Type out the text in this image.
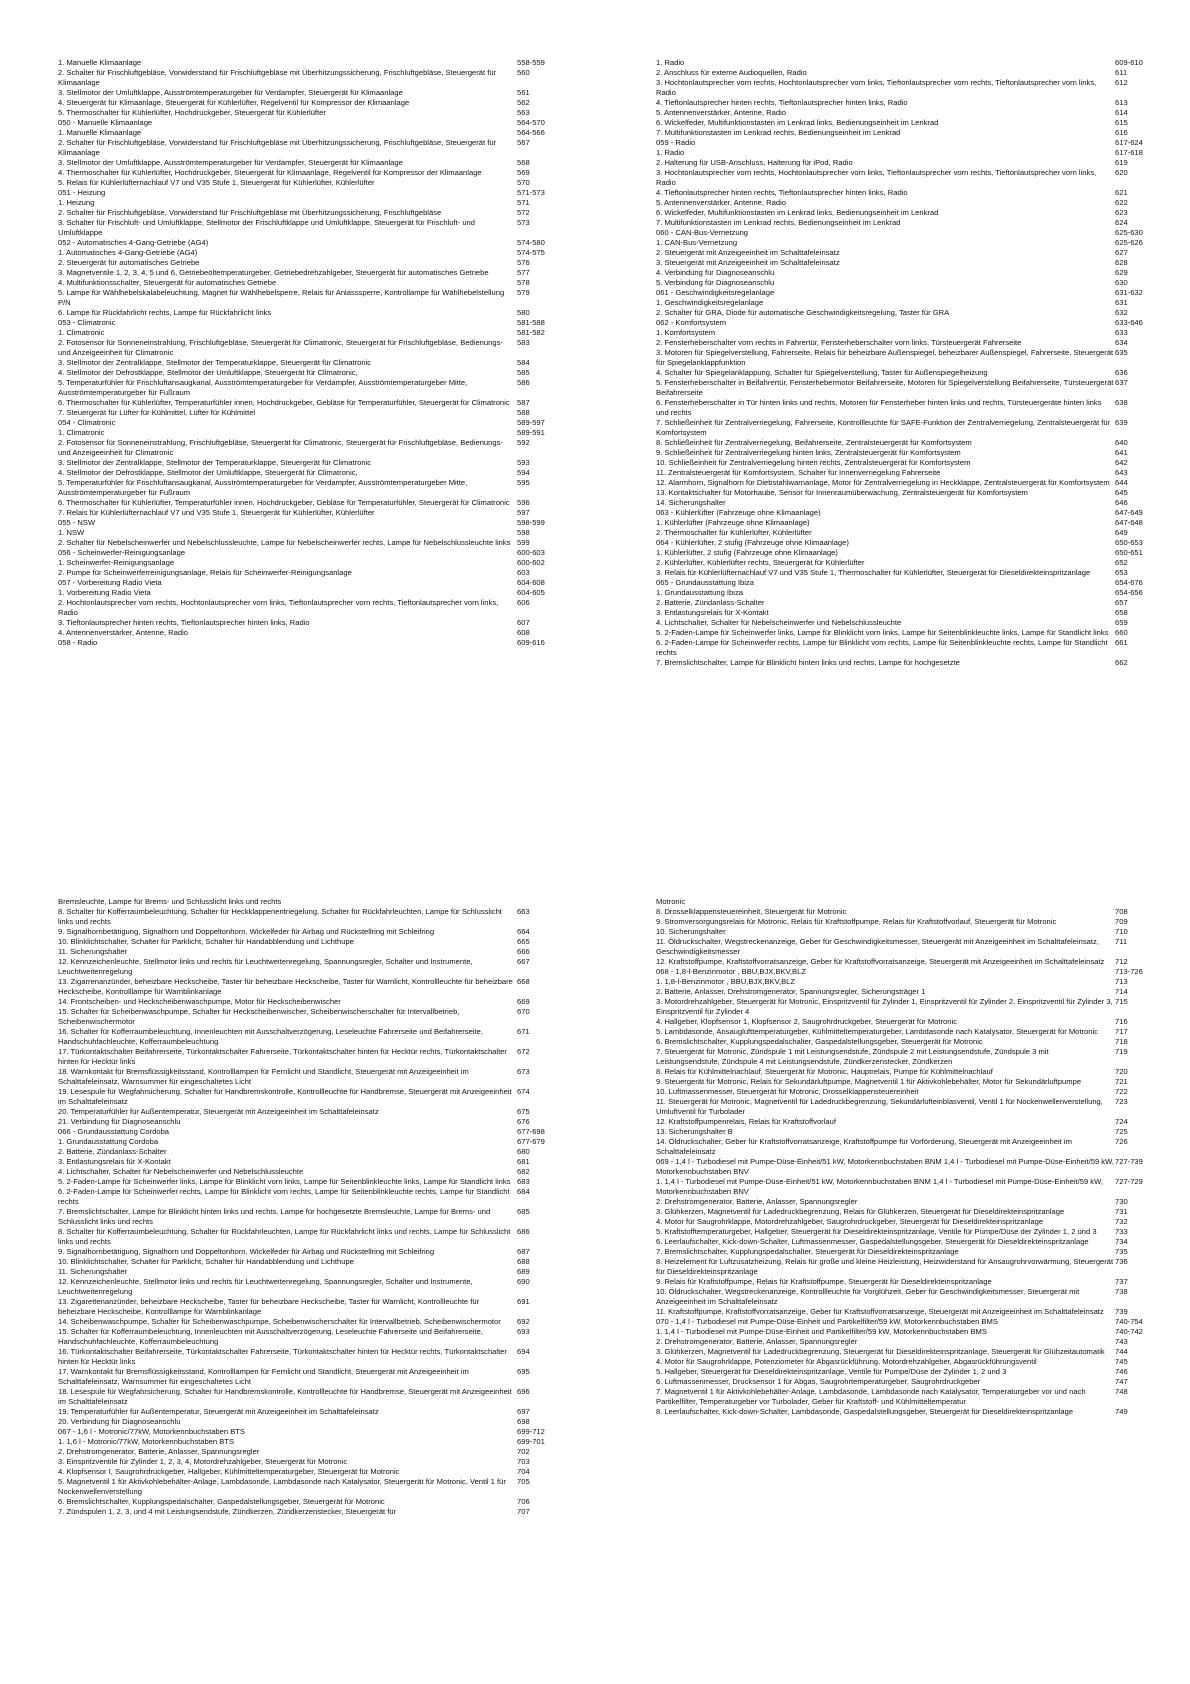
1. Manuelle Klimaanlage	558-559
2. Schalter für Frischluftgebläse, Vorwiderstand für Frischluftgebläse mit Überhitzungssicherung, Frischluftgebläse, Steuergerät für Klimaanlage
560
3. Stellmotor der Umluftklappe, Ausströmtemperaturgeber für Verdampfer, Steuergerät für Klimaanlage	561
4. Steuergerät für Klimaanlage, Steuergerät für Kühlerlüfter, Regelventil für Kompressor der Klimaanlage	562
5. Thermoschalter für Kühlerlüfter, Hochdruckgeber, Steuergerät für Kühlerlüfter	563
050 - Manuelle Klimaanlage	564-570
1. Manuelle Klimaanlage	564-566
2. Schalter für Frischluftgebläse, Vorwiderstand für Frischluftgebläse mit Überhitzungssicherung, Frischluftgebläse, Steuergerät für Klimaanlage
567
3. Stellmotor der Umluftklappe, Ausströmtemperaturgeber für Verdampfer, Steuergerät für Klimaanlage	568
4. Thermoschalter für Kühlerlüfter, Hochdruckgeber, Steuergerät für Klimaanlage, Regelventil für Kompressor der Klimaanlage	569
5. Relais für Kühlerlüfternachlauf V7 und V35 Stufe 1, Steuergerät für Kühlerlüfter, Kühlerlüfter	570
051 - Heizung	571-573
1. Heizung	571
2. Schalter für Frischluftgebläse, Vorwiderstand für Frischluftgebläse mit Überhitzungssicherung, Frischluftgebläse	572
3. Schalter für Frischluft- und Umluftklappe, Stellmotor der Frischluftklappe und Umluftklappe, Steuergerät für Frischluft- und Umluftklappe
573
052 - Automatisches 4-Gang-Getriebe (AG4)	574-580
1. Automatisches 4-Gang-Getriebe (AG4)	574-575
2. Steuergerät für automatisches Getriebe	576
3. Magnetventile 1, 2, 3, 4, 5 und 6, Getriebeöltemperaturgeber, Getriebedrehzahlgeber, Steuergerät für automatisches Getriebe	577
4. Multifunktionsschalter, Steuergerät für automatisches Getriebe	578
5. Lampe für Wählhebelskalabeleuchtung, Magnet für Wählhebelsperre, Relais für Anlasssperre, Kontrollampe für Wählhebelstellung P/N
579
6. Lampe für Rückfahrlicht rechts, Lampe für Rückfahrlicht links	580
053 - Climatronic	581-588
1. Climatronic	581-582
2. Fotosensor für Sonneneinstrahlung, Frischluftgebläse, Steuergerät für Climatronic, Steuergerät für Frischluftgebläse, Bedienungs- und Anzeigeeinheit für Climatronic
583
3. Stellmotor der Zentralklappe, Stellmotor der Temperaturklappe, Steuergerät für Climatronic	584
4. Stellmotor der Defrostklappe, Stellmotor der Umluftklappe, Steuergerät für Climatronic,	585
5. Temperaturfühler für Frischluftansaugkanal, Ausströmtemperaturgeber für Verdampfer, Ausströmtemperaturgeber Mitte, Ausströmtemperaturgeber für Fußraum
586
6. Thermoschalter für Kühlerlüfter, Temperaturfühler innen, Hochdruckgeber, Gebläse für Temperaturfühler, Steuergerät für Climatronic 587
7. Steuergerät für Lüfter für Kühlmittel, Lüfter für Kühlmittel	588
054 - Climatronic	589-597
1. Climatronic	589-591
2. Fotosensor für Sonneneinstrahlung, Frischluftgebläse, Steuergerät für Climatronic, Steuergerät für Frischluftgebläse, Bedienungs- und Anzeigeeinheit für Climatronic
592
3. Stellmotor der Zentralklappe, Stellmotor der Temperaturklappe, Steuergerät für Climatronic	593
4. Stellmotor der Defrostklappe, Stellmotor der Umluftklappe, Steuergerät für Climatronic,	594
5. Temperaturfühler für Frischluftansaugkanal, Ausströmtemperaturgeber für Verdampfer, Ausströmtemperaturgeber Mitte, Ausströmtemperaturgeber für Fußraum
595
6. Thermoschalter für Kühlerlüfter, Temperaturfühler innen, Hochdruckgeber, Gebläse für Temperaturfühler, Steuergerät für Climatronic 596
7. Relais für Kühlerlüfternachlauf V7 und V35 Stufe 1, Steuergerät für Kühlerlüfter, Kühlerlüfter	597
055 - NSW	598-599
1. NSW	598
2. Schalter für Nebelscheinwerfer und Nebelschlussleuchte, Lampe für Nebelscheinwerfer rechts, Lampe für Nebelschlussleuchte links 599
056 - Scheinwerfer-Reinigungsanlage	600-603
1. Scheinwerfer-Reinigungsanlage	600-602
2. Pumpe für Scheinwerferreinigungsanlage, Relais für Scheinwerfer-Reinigungsanlage	603
057 - Vorbereitung Radio Vieta	604-608
1. Vorbereitung Radio Vieta	604-605
2. Hochtonlautsprecher vorn rechts, Hochtonlautsprecher vorn links, Tieftonlautsprecher vorn rechts, Tieftonlautsprecher vorn links, Radio
606
3. Tieftonlautsprecher hinten rechts, Tieftonlautsprecher hinten links, Radio	607
4. Antennenverstärker, Antenne, Radio	608
058 - Radio	609-616
1. Radio	609-610
2. Anschluss für externe Audioquellen, Radio	611
3. Hochtonlautsprecher vorn rechts, Hochtonlautsprecher vorn links, Tieftonlautsprecher vorn rechts, Tieftonlautsprecher vorn links, Radio
612
4. Tieftonlautsprecher hinten rechts, Tieftonlautsprecher hinten links, Radio	613
5. Antennenverstärker, Antenne, Radio	614
6. Wickelfeder, Multifunktionstasten im Lenkrad links, Bedienungseinheit im Lenkrad	615
7. Multifunktionstasten im Lenkrad rechts, Bedienungseinheit im Lenkrad	616
059 - Radio	617-624
1. Radio	617-618
2. Halterung für USB-Anschluss, Halterung für iPod, Radio	619
3. Hochtonlautsprecher vorn rechts, Hochtonlautsprecher vorn links, Tieftonlautsprecher vorn rechts, Tieftonlautsprecher vorn links, Radio
620
4. Tieftonlautsprecher hinten rechts, Tieftonlautsprecher hinten links, Radio	621
5. Antennenverstärker, Antenne, Radio	622
6. Wickelfeder, Multifunktionstasten im Lenkrad links, Bedienungseinheit im Lenkrad	623
7. Multifunktionstasten im Lenkrad rechts, Bedienungseinheit im Lenkrad	624
060 - CAN-Bus-Vernetzung	625-630
1. CAN-Bus-Vernetzung	625-626
2. Steuergerät mit Anzeigeeinheit im Schalttafeleinsatz	627
3. Steuergerät mit Anzeigeeinheit im Schalttafeleinsatz	628
4. Verbindung für Diagnoseanschlu	629
5. Verbindung für Diagnoseanschlu	630
061 - Geschwindigkeitsregelanlage	631-632
1. Geschwindigkeitsregelanlage	631
2. Schalter für GRA, Diode für automatische Geschwindigkeitsregelung, Taster für GRA	632
062 - Komfortsystem	633-646
1. Komfortsystem	633
2. Fensterheberschalter vorn rechts in Fahrertür, Fensterheberschalter vorn links, Türsteuergerät Fahrerseite	634
3. Motoren für Spiegelverstellung, Fahrerseite, Relais für beheizbare Außenspiegel, beheizbarer Außenspiegel, Fahrerseite, Steuergerät für Spiegelanklappfunktion
635
4. Schalter für Spiegelanklappung, Schalter für Spiegelverstellung, Taster für Außenspiegelheizung	636
5. Fensterheberschalter in Beifahrertür, Fensterhebermotor Beifahrerseite, Motoren für Spiegelverstellung Beifahrerseite, Türsteuergerät Beifahrerseite
637
6. Fensterheberschalter in Tür hinten links und rechts, Motoren für Fensterheber hinten links und rechts, Türsteuergeräte hinten links und rechts
638
7. Schließeinheit für Zentralverriegelung, Fahrerseite, Kontrollleuchte für SAFE-Funktion der Zentralverriegelung, Zentralsteuergerät für Komfortsystem
639
8. Schließeinheit für Zentralverriegelung, Beifahrerseite, Zentralsteuergerät für Komfortsystem	640
9. Schließeinheit für Zentralverriegelung hinten links, Zentralsteuergerät für Komfortsystem	641
10. Schließeinheit für Zentralverriegelung hinten rechts, Zentralsteuergerät für Komfortsystem	642
11. Zentralsteuergerät für Komfortsystem, Schalter für Innenverriegelung Fahrerseite	643
12. Alarmhorn, Signalhorn für Diebstahlwarnanlage, Motor für Zentralverriegelung in Heckklappe, Zentralsteuergerät für Komfortsystem 644
13. Kontaktschalter für Motorhaube, Sensor für Innenraumüberwachung, Zentralsteuergerät für Komfortsystem	645
14. Sicherungshalter	646
063 - Kühlerlüfter (Fahrzeuge ohne Klimaanlage)	647-649
1. Kühlerlüfter (Fahrzeuge ohne Klimaanlage)	647-648
2. Thermoschalter für Kühlerlüfter, Kühlerlüfter	649
064 - Kühlerlüfter, 2 stufig (Fahrzeuge ohne Klimaanlage)	650-653
1. Kühlerlüfter, 2 stufig (Fahrzeuge ohne Klimaanlage)	650-651
2. Kühlerlüfter, Kühlerlüfter rechts, Steuergerät für Kühlerlüfter	652
3. Relais für Kühlerlüfternachlauf V7 und V35 Stufe 1, Thermoschalter für Kühlerlüfter, Steuergerät für Dieseldirekteinspritzanlage	653
065 - Grundausstattung Ibiza	654-676
1. Grundausstattung Ibiza	654-656
2. Batterie, Zündanlass-Schalter	657
3. Entlastungsrelais für X-Kontakt	658
4. Lichtschalter, Schalter für Nebelscheinwerfer und Nebelschlussleuchte	659
5. 2-Faden-Lampe für Scheinwerfer links, Lampe für Blinklicht vorn links, Lampe für Seitenblinkleuchte links, Lampe für Standlicht links 660
6. 2-Faden-Lampe für Scheinwerfer rechts, Lampe für Blinklicht vorn rechts, Lampe für Seitenblinkleuchte rechts, Lampe für Standlicht rechts
661
7. Bremslichtschalter, Lampe für Blinklicht hinten links und rechts, Lampe für hochgesetzte	662
Bremsleuchte, Lampe für Brems- und Schlusslicht links und rechts
8. Schalter für Kofferraumbeleuchtung, Schalter für Heckklappenentriegelung, Schalter für Rückfahrleuchten, Lampe für Schlusslicht links und rechts
663
9. Signalhornbetätigung, Signalhorn und Doppeltonhorn, Wickelfeder für Airbag und Rückstellring mit Schleifring	664
10. Blinklichtschalter, Schalter für Parklicht, Schalter für Handabblendung und Lichthupe	665
11. Sicherungshalter	666
12. Kennzeichenleuchte, Stellmotor links und rechts für Leuchtweitenregelung, Spannungsregler, Schalter und Instrumente, Leuchtweitenregelung
667
13. Zigarrenanzünder, beheizbare Heckscheibe, Taster für beheizbare Heckscheibe, Taster für Warnlicht, Kontrollleuchte für beheizbare Heckscheibe, Kontrolllampe für Warnblinkanlage
668
14. Frontscheiben- und Heckscheibenwaschpumpe, Motor für Heckscheibenwischer	669
15. Schalter für Scheibenwaschpumpe, Schalter für Heckscheibenwischer, Scheibenwischerschalter für Intervallbetrieb, Scheibenwischermotor
670
16. Schalter für Kofferraumbeleuchtung, Innenleuchten mit Ausschaltverzögerung, Leseleuchte Fahrerseite und Beifahrerseite, Handschuhfachleuchte, Kofferraumbeleuchtung
671
17. Türkontaktschalter Beifahrerseite, Türkontaktschalter Fahrerseite, Türkontaktschalter hinten für Hecktür rechts, Türkontaktschalter hinten für Hecktür links
672
18. Warnkontakt für Bremsflüssigkeitsstand, Kontrolllampen für Fernlicht und Standlicht, Steuergerät mit Anzeigeeinheit im Schalttafeleinsatz, Warnsummer für eingeschaltetes Licht
673
19. Lesespule für Wegfahrsicherung, Schalter für Handbremskontrolle, Kontrollleuchte für Handbremse, Steuergerät mit Anzeigeeinheit im Schalttafeleinsatz
674
20. Temperaturfühler für Außentemperatur, Steuergerät mit Anzeigeeinheit im Schalttafeleinsatz	675
21. Verbindung für Diagnoseanschlu	676
066 - Grundausstattung Cordoba	677-698
1. Grundausstattung Cordoba	677-679
2. Batterie, Zündanlass-Schalter	680
3. Entlastungsrelais für X-Kontakt	681
4. Lichtschalter, Schalter für Nebelscheinwerfer und Nebelschlussleuchte	682
5. 2-Faden-Lampe für Scheinwerfer links, Lampe für Blinklicht vorn links, Lampe für Seitenblinkleuchte links, Lampe für Standlicht links 683
6. 2-Faden-Lampe für Scheinwerfer rechts, Lampe für Blinklicht vorn rechts, Lampe für Seitenblinkleuchte rechts, Lampe für Standlicht rechts
684
7. Bremslichtschalter, Lampe für Blinklicht hinten links und rechts, Lampe für hochgesetzte Bremsleuchte, Lampe für Brems- und Schlusslicht links und rechts
685
8. Schalter für Kofferraumbeleuchtung, Schalter für Rückfahrleuchten, Lampe für Rückfahrlicht links und rechts, Lampe für Schlusslicht links und rechts
686
9. Signalhornbetätigung, Signalhorn und Doppeltonhorn, Wickelfeder für Airbag und Rückstellring mit Schleifring	687
10. Blinklichtschalter, Schalter für Parklicht, Schalter für Handabblendung und Lichthupe	688
11. Sicherungshalter	689
12. Kennzeichenleuchte, Stellmotor links und rechts für Leuchtweitenregelung, Spannungsregler, Schalter und Instrumente, Leuchtweitenregelung
690
13. Zigarettenanzünder, beheizbare Heckscheibe, Taster für beheizbare Heckscheibe, Taster für Warnlicht, Kontrollleuchte für beheizbare Heckscheibe, Kontrolllampe für Warnblinkanlage
691
14. Scheibenwaschpumpe, Schalter für Scheibenwaschpumpe, Scheibenwischerschalter für Intervallbetrieb, Scheibenwischermotor	692
15. Schalter für Kofferraumbeleuchtung, Innenleuchten mit Ausschaltverzögerung, Leseleuchte Fahrerseite und Beifahrerseite, Handschuhfachleuchte, Kofferraumbeleuchtung
693
16. Türkontaktschalter Beifahrerseite, Türkontaktschalter Fahrerseite, Türkontaktschalter hinten für Hecktür rechts, Türkontaktschalter hinten für Hecktür links
694
17. Warnkontakt für Bremsflüssigkeitsstand, Kontrolllampen für Fernlicht und Standlicht, Steuergerät mit Anzeigeeinheit im Schalttafeleinsatz, Warnsummer für eingeschaltetes Licht
695
18. Lesespule für Wegfahrsicherung, Schalter für Handbremskontrolle, Kontrollleuchte für Handbremse, Steuergerät mit Anzeigeeinheit im Schalttafeleinsatz
696
19. Temperaturfühler für Außentemperatur, Steuergerät mit Anzeigeeinheit im Schalttafeleinsatz	697
20. Verbindung für Diagnoseanschlu	698
067 - 1,6 l - Motronic/77kW, Motorkennbuchstaben BTS	699-712
1. 1,6 l - Motronic/77kW, Motorkennbuchstaben BTS	699-701
2. Drehstromgenerator, Batterie, Anlasser, Spannungsregler	702
3. Einspritzventile für Zylinder 1, 2, 3, 4, Motordrehzahlgeber, Steuergerät für Motronic	703
4. Klopfsensor I, Saugrohrdruckgeber, Hallgeber, Kühlmitteltemperaturgeber, Steuergerät für Motronic	704
5. Magnetventil 1 für Aktivkohlebehälter-Anlage, Lambdasonde, Lambdasonde nach Katalysator, Steuergerät für Motronic, Ventil 1 für Nockenwellenverstellung
705
6. Bremslichtschalter, Kupplungspedalschalter, Gaspedalstellungsgeber, Steuergerät für Motronic	706
7. Zündspulen 1, 2, 3, und 4 mit Leistungsendstufe, Zündkerzen, Zündkerzenstecker, Steuergerät für	707
Motronic
8. Drosselklappensteuereinheit, Steuergerät für Motronic	708
9. Stromversorgungsrelais für Motronic, Relais für Kraftstoffpumpe, Relais für Kraftstoffvorlauf, Steuergerät für Motronic	709
10. Sicherungshalter	710
11. Öldruckschalter, Wegstreckenanzeige, Geber für Geschwindigkeitsmesser, Steuergerät mit Anzeigeeinheit im Schalttafeleinsatz, Geschwindigkeitsmesser
711
12. Kraftstoffpumpe, Kraftstoffvorratsanzeige, Geber für Kraftstoffvorratsanzeige, Steuergerät mit Anzeigeeinheit im Schalttafeleinsatz	712
068 - 1,8-l-Benzinmotor , BBU,BJX,BKV,BLZ	713-726
1. 1,8-l-Benzinmotor , BBU,BJX,BKV,BLZ	713
2. Batterie, Anlasser, Drehstromgenerator, Spannungsregler, Sicherungsträger 1	714
3. Motordrehzahlgeber, Steuergerät für Motronic, Einspritzventil für Zylinder 1, Einspritzventil für Zylinder 2, Einspritzventil für Zylinder 3, Einspritzventil für Zylinder 4
715
4. Hallgeber, Klopfsensor 1, Klopfsensor 2, Saugrohrdruckgeber, Steuergerät für Motronic	716
5. Lambdasonde, Ansauglufttemperaturgeber, Kühlmitteltemperaturgeber, Lambdasonde nach Katalysator, Steuergerät für Motronic	717
6. Bremslichtschalter, Kupplungspedalschalter, Gaspedalstellungsgeber, Steuergerät für Motronic	718
7. Steuergerät für Motronic, Zündspule 1 mit Leistungsendstufe, Zündspule 2 mit Leistungsendstufe, Zündspule 3 mit Leistungsendstufe, Zündspule 4 mit Leistungsendstufe, Zündkerzenstecker, Zündkerzen
719
8. Relais für Kühlmittelnachlauf, Steuergerät für Motronic, Hauptrelais, Pumpe für Kühlmittelnachlauf	720
9. Steuergerät für Motronic, Relais für Sekundärluftpumpe, Magnetventil 1 für Aktivkohlebehälter, Motor für Sekundärluftpumpe	721
10. Luftmassenmesser, Steuergerät für Motronic, Drosselklappensteuereinheit	722
11. Steuergerät für Motronic, Magnetventil für Ladedruckbegrenzung, Sekundärlufteinblasventil, Ventil 1 für Nockenwellenverstellung, Umluftventil für Turbolader
723
12. Kraftstoffpumpenrelais, Relais für Kraftstoffvorlauf	724
13. Sicherungshalter B	725
14. Öldruckschalter, Geber für Kraftstoffvorratsanzeige, Kraftstoffpumpe für Vorförderung, Steuergerät mit Anzeigeeinheit im Schalttafeleinsatz
726
069 - 1,4 l - Turbodiesel mit Pumpe-Düse-Einheit/51 kW, Motorkennbuchstaben BNM 1,4 l - Turbodiesel mit Pumpe-Düse-Einheit/59 kW, Motorkennbuchstaben BNV
727-739
1. 1,4 l - Turbodiesel mit Pumpe-Düse-Einheit/51 kW, Motorkennbuchstaben BNM 1,4 l - Turbodiesel mit Pumpe-Düse-Einheit/59 kW, Motorkennbuchstaben BNV
727-729
2. Drehstromgenerator, Batterie, Anlasser, Spannungsregler	730
3. Glühkerzen, Magnetventil für Ladedruckbegrenzung, Relais für Glühkerzen, Steuergerät für Dieseldirekteinspritzanlage	731
4. Motor für Saugrohrklappe, Motordrehzahlgeber, Saugrohrdruckgeber, Steuergerät für Dieseldirekteinspritzanlage	732
5. Kraftstofftemperaturgeber, Hallgeber, Steuergerät für Dieseldirekteinspritzanlage, Ventile für Pumpe/Düse der Zylinder 1, 2 und 3	733
6. Leerlaufschalter, Kick-down-Schalter, Luftmassenmesser, Gaspedalstellungsgeber, Steuergerät für Dieseldirekteinspritzanlage	734
7. Bremslichtschalter, Kupplungspedalschalter, Steuergerät für Dieseldirekteinspritzanlage	735
8. Heizelement für Luftzusatzheizung, Relais für große und kleine Heizleistung, Heizwiderstand für Ansaugrohrvorwärmung, Steuergerät für Dieseldirekteinspritzanlage
736
9. Relais für Kraftstoffpumpe, Relais für Kraftstoffpumpe, Steuergerät für Dieseldirekteinspritzanlage	737
10. Öldruckschalter, Wegstreckenanzeige, Kontrollleuchte für Vorglühzeit, Geber für Geschwindigkeitsmesser, Steuergerät mit Anzeigeeinheit im Schalttafeleinsatz
738
11. Kraftstoffpumpe, Kraftstoffvorratsanzeige, Geber für Kraftstoffvorratsanzeige, Steuergerät mit Anzeigeeinheit im Schalttafeleinsatz	739
070 - 1,4 l - Turbodiesel mit Pumpe-Düse-Einheit und Partikelfilter/59 kW, Motorkennbuchstaben BMS	740-754
1. 1,4 l - Turbodiesel mit Pumpe-Düse-Einheit und Partikelfilter/59 kW, Motorkennbuchstaben BMS	740-742
2. Drehstromgenerator, Batterie, Anlasser, Spannungsregler	743
3. Glühkerzen, Magnetventil für Ladedruckbegrenzung, Steuergerät für Dieseldirekteinspritzanlage, Steuergerät für Glühzeitautomatik	744
4. Motor für Saugrohrklappe, Potenziometer für Abgasrückführung, Motordrehzahlgeber, Abgasrückführungsventil	745
5. Hallgeber, Steuergerät für Dieseldirekteinspritzanlage, Ventile für Pumpe/Düse der Zylinder 1, 2 und 3	746
6. Luftmassenmesser, Drucksensor 1 für Abgas, Saugrohrtemperaturgeber, Saugrohrdruckgeber	747
7. Magnetventil 1 für Aktivkohlebehälter-Anlage, Lambdasonde, Lambdasonde nach Katalysator, Temperaturgeber vor und nach Partikelfilter, Temperaturgeber vor Turbolader, Geber für Kraftstoff- und Kühlmitteltemperatur
748
8. Leerlaufschalter, Kick-down-Schalter, Lambdasonde, Gaspedalstellungsgeber, Steuergerät für Dieseldirekteinspritzanlage	749
